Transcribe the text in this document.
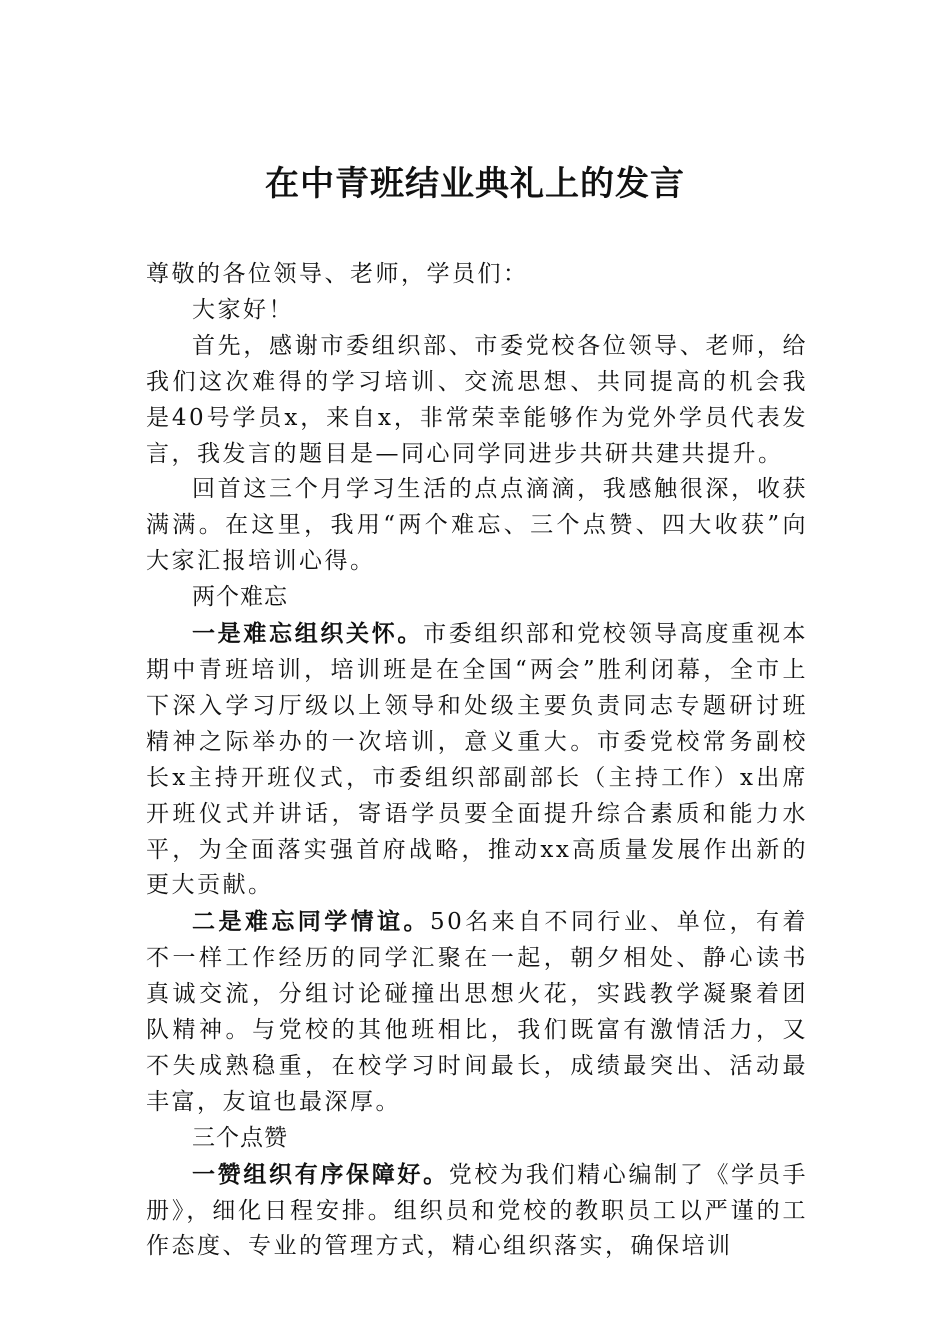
在中青班结业典礼上的发言

尊敬的各位领导、老师，学员们：

大家好！

首先，感谢市委组织部、市委党校各位领导、老师，给我们这次难得的学习培训、交流思想、共同提高的机会我是40号学员x，来自x，非常荣幸能够作为党外学员代表发言，我发言的题目是—同心同学同进步共研共建共提升。

回首这三个月学习生活的点点滴滴，我感触很深，收获满满。在这里，我用“两个难忘、三个点赞、四大收获”向大家汇报培训心得。

两个难忘

一是难忘组织关怀。市委组织部和党校领导高度重视本期中青班培训，培训班是在全国“两会”胜利闭幕，全市上下深入学习厅级以上领导和处级主要负责同志专题研讨班精神之际举办的一次培训，意义重大。市委党校常务副校长x主持开班仪式，市委组织部副部长（主持工作）x出席开班仪式并讲话，寄语学员要全面提升综合素质和能力水平，为全面落实强首府战略，推动xx高质量发展作出新的更大贡献。

二是难忘同学情谊。50名来自不同行业、单位，有着不一样工作经历的同学汇聚在一起，朝夕相处、静心读书真诚交流，分组讨论碰撞出思想火花，实践教学凝聚着团队精神。与党校的其他班相比，我们既富有激情活力，又不失成熟稳重，在校学习时间最长，成绩最突出、活动最丰富，友谊也最深厚。

三个点赞

一赞组织有序保障好。党校为我们精心编制了《学员手册》，细化日程安排。组织员和党校的教职员工以严谨的工作态度、专业的管理方式，精心组织落实，确保培训
